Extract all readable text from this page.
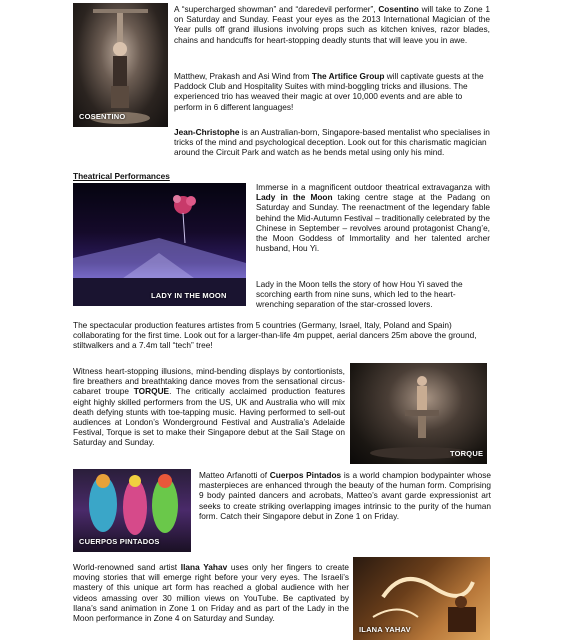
COSENTINO

A “supercharged showman” and “daredevil performer”, Cosentino will take to Zone 1 on Saturday and Sunday. Feast your eyes as the 2013 International Magician of the Year pulls off grand illusions involving props such as kitchen knives, razor blades, chains and handcuffs for heart-stopping deadly stunts that will leave you in awe.

Matthew, Prakash and Asi Wind from The Artifice Group will captivate guests at the Paddock Club and Hospitality Suites with mind-boggling tricks and illusions. The experienced trio has weaved their magic at over 10,000 events and are able to perform in 6 different languages!

Jean-Christophe is an Australian-born, Singapore-based mentalist who specialises in tricks of the mind and psychological deception. Look out for this charismatic magician around the Circuit Park and watch as he bends metal using only his mind.

Theatrical Performances
LADY IN THE MOON

Immerse in a magnificent outdoor theatrical extravaganza with Lady in the Moon taking centre stage at the Padang on Saturday and Sunday. The reenactment of the legendary fable behind the Mid-Autumn Festival – traditionally celebrated by the Chinese in September – revolves around protagonist Chang’e, the Moon Goddess of Immortality and her talented archer husband, Hou Yi.

Lady in the Moon tells the story of how Hou Yi saved the scorching earth from nine suns, which led to the heart-wrenching separation of the star-crossed lovers.

The spectacular production features artistes from 5 countries (Germany, Israel, Italy, Poland and Spain) collaborating for the first time. Look out for a larger-than-life 4m puppet, aerial dancers 25m above the ground, stiltwalkers and a 7.4m tall “tech” tree!

Witness heart-stopping illusions, mind-bending displays by contortionists, fire breathers and breathtaking dance moves from the sensational circus-cabaret troupe TORQUE. The critically acclaimed production features eight highly skilled performers from the US, UK and Australia who will mix death defying stunts with toe-tapping music. Having performed to sell-out audiences at London’s Wonderground Festival and Australia’s Adelaide Festival, Torque is set to make their Singapore debut at the Sail Stage on Saturday and Sunday.

TORQUE
CUERPOS PINTADOS

Matteo Arfanotti of Cuerpos Pintados is a world champion bodypainter whose masterpieces are enhanced through the beauty of the human form. Comprising 9 body painted dancers and acrobats, Matteo’s avant garde expressionist art seeks to create striking overlapping images intrinsic to the purity of the human form. Catch their Singapore debut in Zone 1 on Friday.

World-renowned sand artist Ilana Yahav uses only her fingers to create moving stories that will emerge right before your very eyes. The Israeli’s mastery of this unique art form has reached a global audience with her videos amassing over 30 million views on YouTube. Be captivated by Ilana’s sand animation in Zone 1 on Friday and as part of the Lady in the Moon performance in Zone 4 on Saturday and Sunday.

ILANA YAHAV
